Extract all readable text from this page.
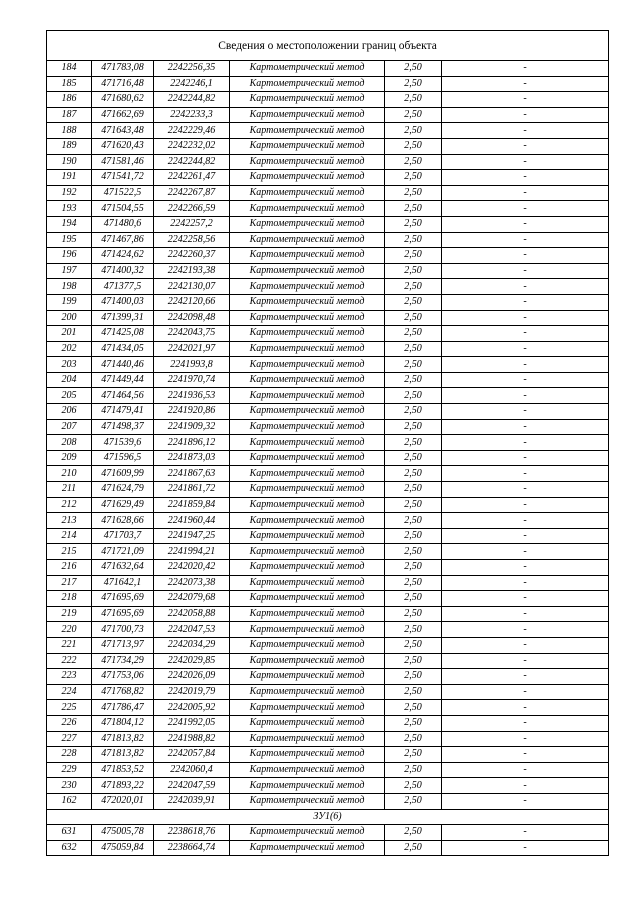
Сведения о местоположении границ объекта					
184	471783,08	2242256,35	Картометрический метод	2,50	-
185	471716,48	2242246,1	Картометрический метод	2,50	-
186	471680,62	2242244,82	Картометрический метод	2,50	-
187	471662,69	2242233,3	Картометрический метод	2,50	-
188	471643,48	2242229,46	Картометрический метод	2,50	-
189	471620,43	2242232,02	Картометрический метод	2,50	-
190	471581,46	2242244,82	Картометрический метод	2,50	-
191	471541,72	2242261,47	Картометрический метод	2,50	-
192	471522,5	2242267,87	Картометрический метод	2,50	-
193	471504,55	2242266,59	Картометрический метод	2,50	-
194	471480,6	2242257,2	Картометрический метод	2,50	-
195	471467,86	2242258,56	Картометрический метод	2,50	-
196	471424,62	2242260,37	Картометрический метод	2,50	-
197	471400,32	2242193,38	Картометрический метод	2,50	-
198	471377,5	2242130,07	Картометрический метод	2,50	-
199	471400,03	2242120,66	Картометрический метод	2,50	-
200	471399,31	2242098,48	Картометрический метод	2,50	-
201	471425,08	2242043,75	Картометрический метод	2,50	-
202	471434,05	2242021,97	Картометрический метод	2,50	-
203	471440,46	2241993,8	Картометрический метод	2,50	-
204	471449,44	2241970,74	Картометрический метод	2,50	-
205	471464,56	2241936,53	Картометрический метод	2,50	-
206	471479,41	2241920,86	Картометрический метод	2,50	-
207	471498,37	2241909,32	Картометрический метод	2,50	-
208	471539,6	2241896,12	Картометрический метод	2,50	-
209	471596,5	2241873,03	Картометрический метод	2,50	-
210	471609,99	2241867,63	Картометрический метод	2,50	-
211	471624,79	2241861,72	Картометрический метод	2,50	-
212	471629,49	2241859,84	Картометрический метод	2,50	-
213	471628,66	2241960,44	Картометрический метод	2,50	-
214	471703,7	2241947,25	Картометрический метод	2,50	-
215	471721,09	2241994,21	Картометрический метод	2,50	-
216	471632,64	2242020,42	Картометрический метод	2,50	-
217	471642,1	2242073,38	Картометрический метод	2,50	-
218	471695,69	2242079,68	Картометрический метод	2,50	-
219	471695,69	2242058,88	Картометрический метод	2,50	-
220	471700,73	2242047,53	Картометрический метод	2,50	-
221	471713,97	2242034,29	Картометрический метод	2,50	-
222	471734,29	2242029,85	Картометрический метод	2,50	-
223	471753,06	2242026,09	Картометрический метод	2,50	-
224	471768,82	2242019,79	Картометрический метод	2,50	-
225	471786,47	2242005,92	Картометрический метод	2,50	-
226	471804,12	2241992,05	Картометрический метод	2,50	-
227	471813,82	2241988,82	Картометрический метод	2,50	-
228	471813,82	2242057,84	Картометрический метод	2,50	-
229	471853,52	2242060,4	Картометрический метод	2,50	-
230	471893,22	2242047,59	Картометрический метод	2,50	-
162	472020,01	2242039,91	Картометрический метод	2,50	-
ЗУ1(6)					
631	475005,78	2238618,76	Картометрический метод	2,50	-
632	475059,84	2238664,74	Картометрический метод	2,50	-
